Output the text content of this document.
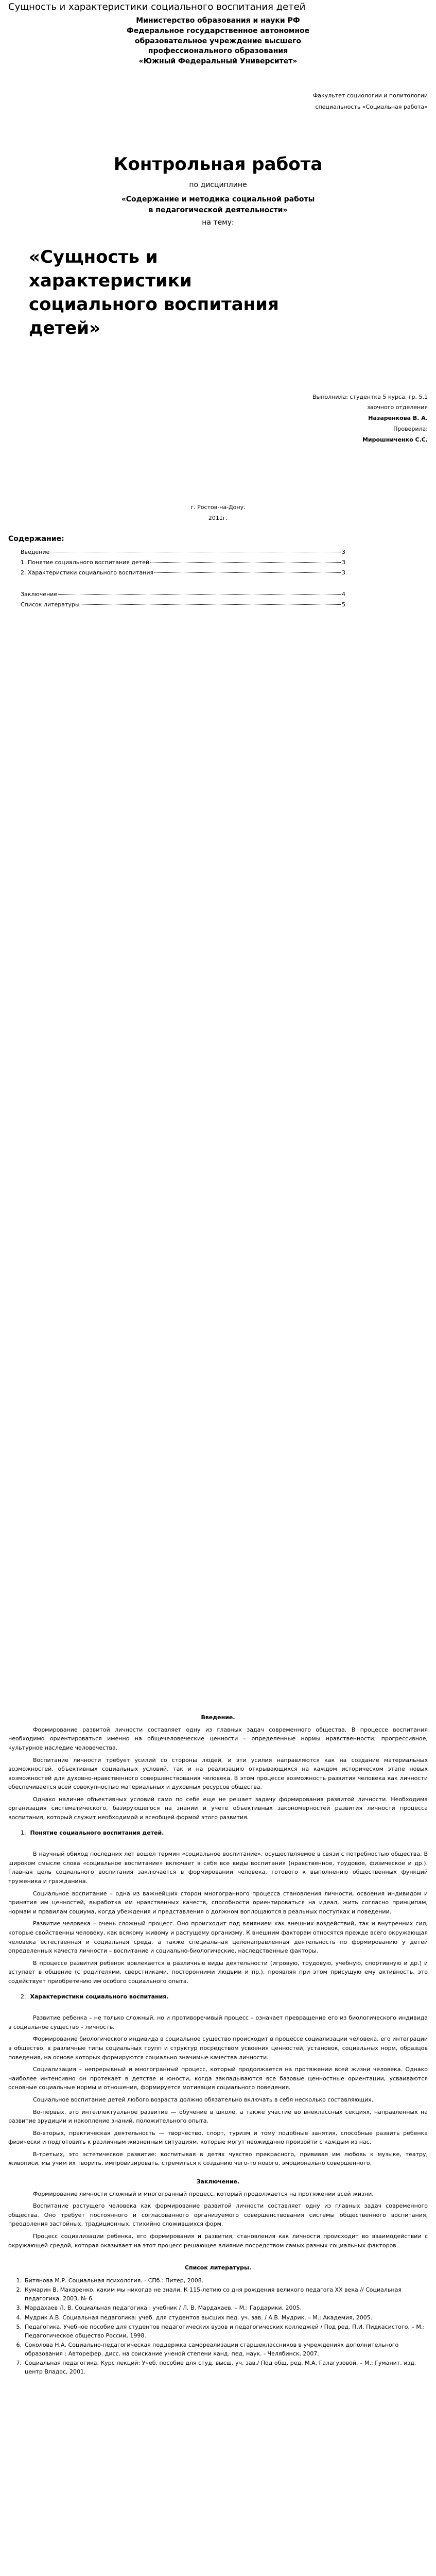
Сущность и характеристики социального воспитания детей
Министерство образования и науки РФ
Федеральное государственное автономное
образовательное учреждение высшего
профессионального образования
«Южный Федеральный Университет»
Факультет социологии и политологии
специальность «Социальная работа»
Контрольная работа
по дисциплине
«Содержание и методика социальной работы
в педагогической деятельности»
на тему:
«Сущность и
характеристики
социального воспитания
детей»
Выполнила: студентка 5 курса, гр. 5.1
заочного отделения
Назаренкова В. А.
Проверила:
Мирошниченко С.С.
г. Ростов-на-Дону.
2011г.
Содержание:
Введение	3
1. Понятие социального воспитания детей	3
2. Характеристики социального воспитания	3
Заключение	4
Список литературы	5
Введение.

Формирование развитой личности составляет одну из главных задач современного общества. В процессе воспитания необходимо ориентироваться именно на общечеловеческие ценности – определенные нормы нравственности; прогрессивное, культурное наследие человечества.

Воспитание личности требует усилий со стороны людей, и эти усилия направляются как на создание материальных возможностей, объективных социальных условий, так и на реализацию открывающихся на каждом историческом этапе новых возможностей для духовно-нравственного совершенствования человека. В этом процессе возможность развития человека как личности обеспечивается всей совокупностью материальных и духовных ресурсов общества.

Однако наличие объективных условий само по себе еще не решает задачу формирования развитой личности. Необходима организация систематического, базирующегося на знании и учете объективных закономерностей развития личности процесса воспитания, который служит необходимой и всеобщей формой этого развития.

1. Понятие социального воспитания детей.

В научный обиход последних лет вошел термин «социальное воспитание», осуществляемое в связи с потребностью общества. В широком смысле слова «социальное воспитание» включает в себя все виды воспитания (нравственное, трудовое, физическое и др.). Главная цель социального воспитания заключается в формировании человека, готового к выполнению общественных функций труженика и гражданина.

Социальное воспитание – одна из важнейших сторон многогранного процесса становления личности, освоения индивидом и принятия им ценностей, выработка им нравственных качеств, способности ориентироваться на идеал, жить согласно принципам, нормам и правилам социума, когда убеждения и представления о должном воплощаются в реальных поступках и поведении.

Развитие человека – очень сложный процесс. Оно происходит под влиянием как внешних воздействий, так и внутренних сил, которые свойственны человеку, как всякому живому и растущему организму. К внешним факторам относятся прежде всего окружающая человека естественная и социальная среда, а также специальная целенаправленная деятельность по формированию у детей определенных качеств личности – воспитание и социально-биологические, наследственные факторы.

В процессе развития ребенок вовлекается в различные виды деятельности (игровую, трудовую, учебную, спортивную и др.) и вступает в общение (с родителями, сверстниками, посторонними людьми и пр.), проявляя при этом присущую ему активность, это содействует приобретению им особого социального опыта.

2. Характеристики социального воспитания.

Развитие ребенка – не только сложный, но и противоречивый процесс – означает превращение его из биологического индивида в социальное существо – личность.

Формирование биологического индивида в социальное существо происходит в процессе социализации человека, его интеграции в общество, в различные типы социальных групп и структур посредством усвоения ценностей, установок, социальных норм, образцов поведения, на основе которых формируются социально значимые качества личности.

Социализация – непрерывный и многогранный процесс, который продолжается на протяжении всей жизни человека. Однако наиболее интенсивно он протекает в детстве и юности, когда закладываются все базовые ценностные ориентации, усваиваются основные социальные нормы и отношения, формируется мотивация социального поведения.

Социальное воспитание детей любого возраста должно обязательно включать в себя несколько составляющих.

Во-первых, это интеллектуальное развитие — обучение в школе, а также участие во внеклассных секциях, направленных на развитие эрудиции и накопление знаний, положительного опыта.

Во-вторых, практическая деятельность — творчество, спорт, туризм и тому подобные занятия, способные развить ребенка физически и подготовить к различным жизненным ситуациям, которые могут неожиданно произойти с каждым из нас.

В-третьих, это эстетическое развитие: воспитывая в детях чувство прекрасного, прививая им любовь к музыке, театру, живописи, мы учим их творить, импровизировать, стремиться к созданию чего-то нового, эмоционально совершенного.

Заключение.

Формирование личности сложный и многогранный процесс, который продолжается на протяжении всей жизни.

Воспитание растущего человека как формирование развитой личности составляет одну из главных задач современного общества. Оно требует постоянного и согласованного организуемого совершенствования системы общественного воспитания, преодоления застойных, традиционных, стихийно сложившихся форм.

Процесс социализации ребенка, его формирования и развития, становления как личности происходит во взаимодействии с окружающей средой, которая оказывает на этот процесс решающее влияние посредством самых разных социальных факторов.

Список литературы.
1. Битянова М.Р. Социальная психология. - СПб.: Питер, 2008.
2. Кумарин В. Макаренко, каким мы никогда не знали. К 115-летию со дня рождения великого педагога ХХ века // Социальная педагогика. 2003, № 6.
3. Мардахаев Л. В. Социальная педагогика : учебник / Л. В. Мардахаев. – М.: Гардарики, 2005.
4. Мудрик А.В. Социальная педагогика: учеб. для студентов высших пед. уч. зав. / А.В. Мудрик. – М.: Академия, 2005.
5. Педагогика. Учебное пособие для студентов педагогических вузов и педагогических колледжей / Под ред. П.И. Пидкасистого. – М.: Педагогическое общество России, 1998.
6. Соколова Н.А. Социально-педагогическая поддержка самореализации старшеклассников в учреждениях дополнительного образования : Авторефер. дисс. на соискание ученой степени канд. пед. наук. - Челябинск, 2007.
7. Социальная педагогика. Курс лекций: Учеб. пособие для студ. высш. уч. зав./ Под общ. ред. М.А. Галагузовой. – М.: Гуманит. изд. центр Владос, 2001.
